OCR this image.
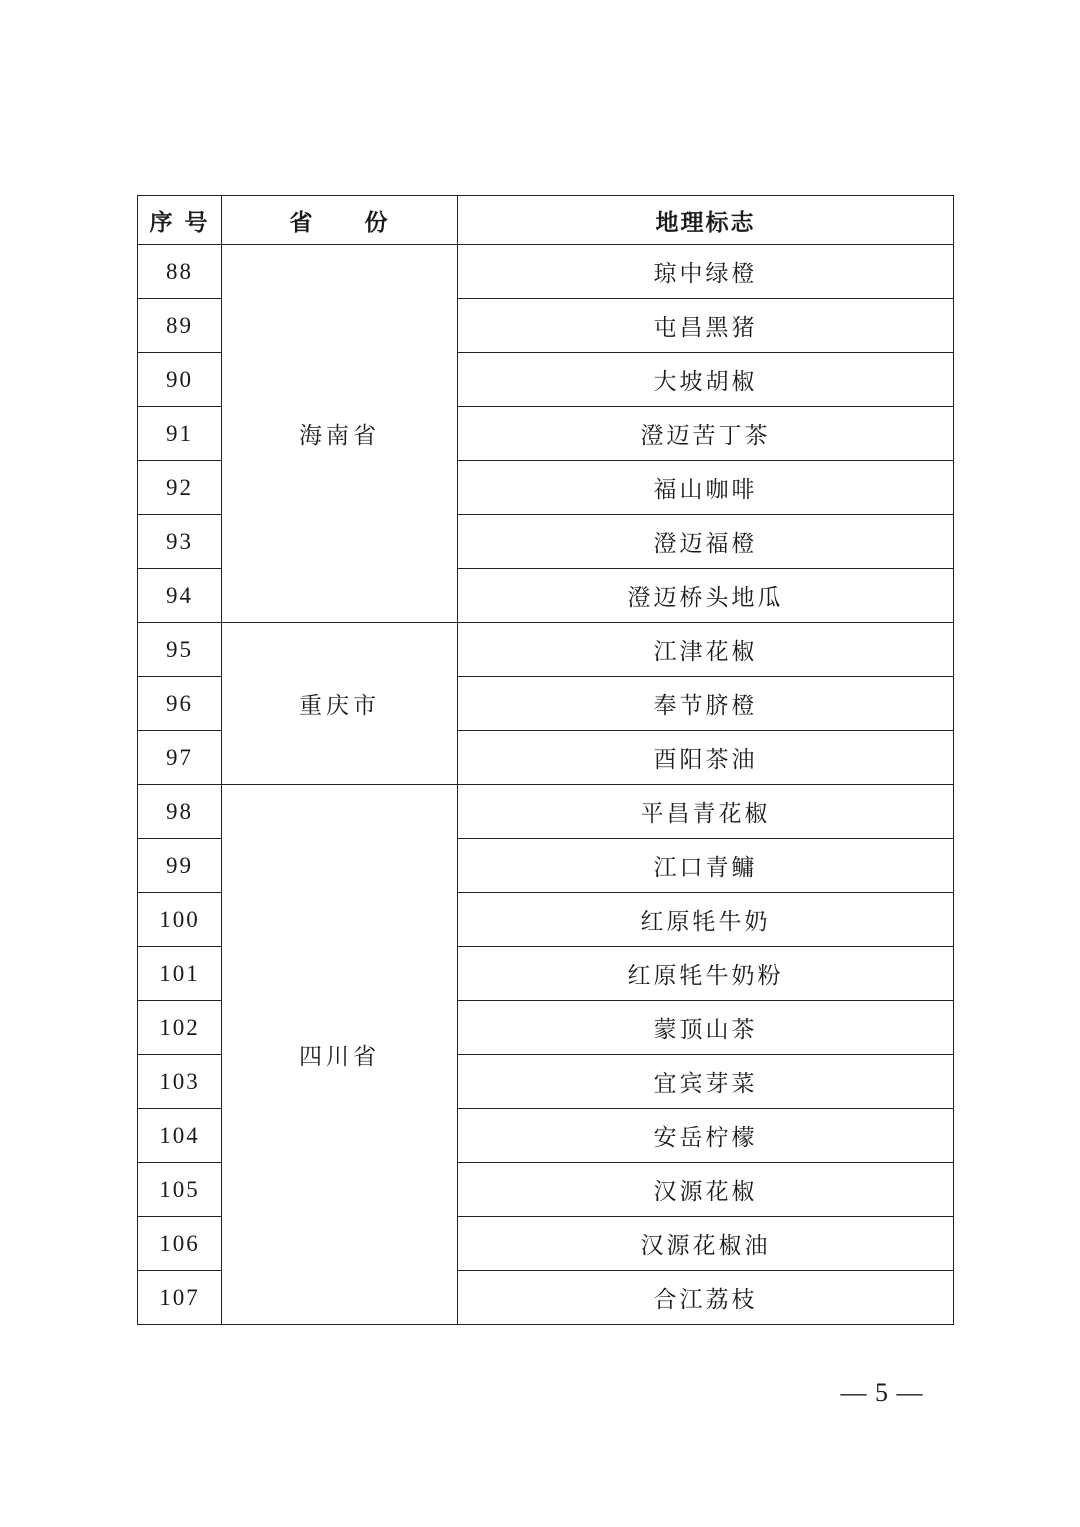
序 号	省　　份	地理标志
88	海南省	琼中绿橙
89		屯昌黑猪
90		大坡胡椒
91		澄迈苦丁茶
92		福山咖啡
93		澄迈福橙
94		澄迈桥头地瓜
95	重庆市	江津花椒
96		奉节脐橙
97		酉阳茶油
98	四川省	平昌青花椒
99		江口青鳙
100		红原牦牛奶
101		红原牦牛奶粉
102		蒙顶山茶
103		宜宾芽菜
104		安岳柠檬
105		汉源花椒
106		汉源花椒油
107		合江荔枝
— 5 —
